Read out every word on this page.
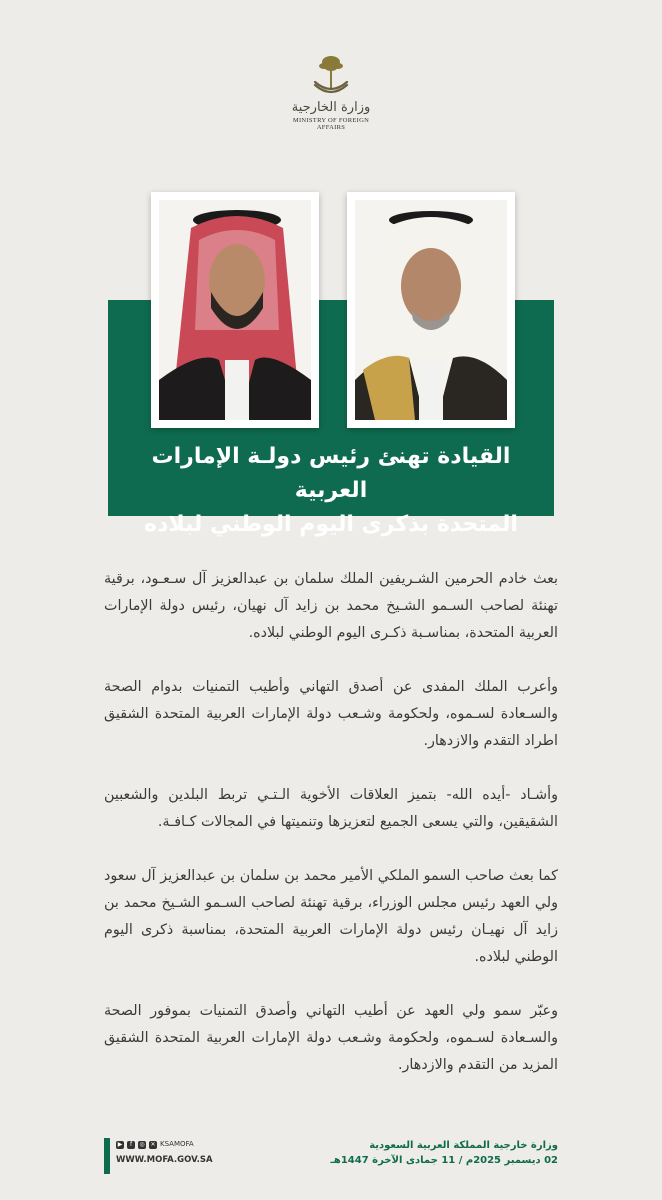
وزارة الخارجية
MINISTRY OF FOREIGN AFFAIRS
القيادة تهنئ رئيس دولـة الإمارات العربية
المتحدة بذكرى اليوم الوطني لبلاده

بعث خادم الحرمين الشـريفين الملك سلمان بن عبدالعزيز آل سـعـود، برقية تهنئة لصاحب السـمو الشـيخ محمد بن زايد آل نهيان، رئيس دولة الإمارات العربية المتحدة، بمناسـبة ذكـرى اليوم الوطني لبلاده.

وأعرب الملك المفدى عن أصدق التهاني وأطيب التمنيات بدوام الصحة والسـعادة لسـموه، ولحكومة وشـعب دولة الإمارات العربية المتحدة الشقيق اطراد التقدم والازدهار.

وأشـاد -أيده الله- بتميز العلاقات الأخوية الـتـي تربط البلدين والشعبين الشقيقين، والتي يسعى الجميع لتعزيزها وتنميتها في المجالات كـافـة.

كما بعث صاحب السمو الملكي الأمير محمد بن سلمان بن عبدالعزيز آل سعود ولي العهد رئيس مجلس الوزراء، برقية تهنئة لصاحب السـمو الشـيخ محمد بن زايد آل نهيـان رئيس دولة الإمارات العربية المتحدة، بمناسبة ذكرى اليوم الوطني لبلاده.

وعبّر سمو ولي العهد عن أطيب التهاني وأصدق التمنيات بموفور الصحة والسـعادة لسـموه، ولحكومة وشـعب دولة الإمارات العربية المتحدة الشقيق المزيد من التقدم والازدهار.

▶	f	◎ ✕ KSAMOFA
WWW.MOFA.GOV.SA
وزارة خارجية المملكة العربية السعودية
02 ديسمبر 2025م / 11 جمادى الآخرة 1447هـ
